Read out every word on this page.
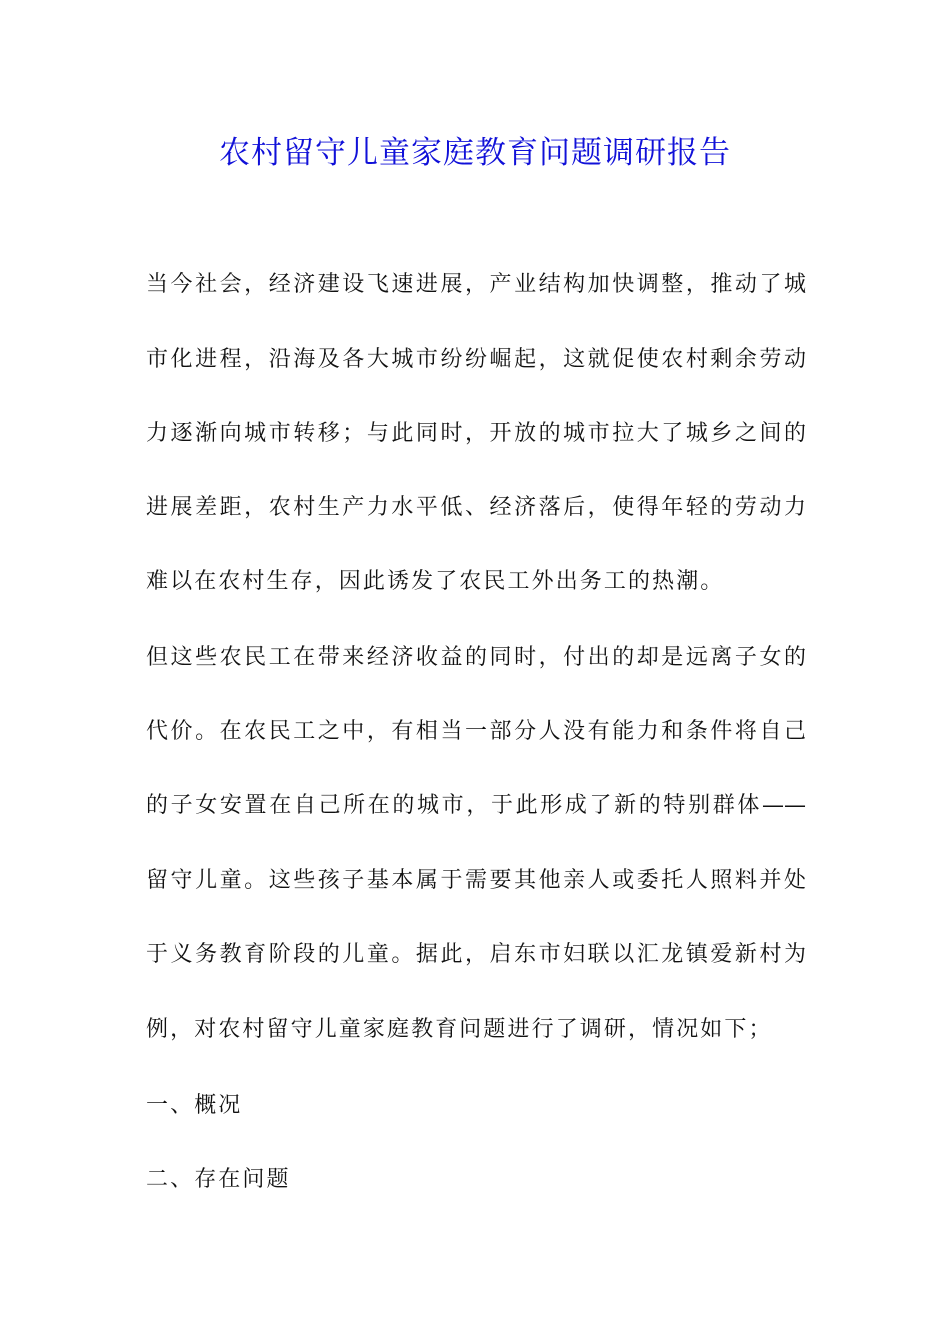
农村留守儿童家庭教育问题调研报告
当今社会，经济建设飞速进展，产业结构加快调整，推动了城
市化进程，沿海及各大城市纷纷崛起，这就促使农村剩余劳动
力逐渐向城市转移；与此同时，开放的城市拉大了城乡之间的
进展差距，农村生产力水平低、经济落后，使得年轻的劳动力
难以在农村生存，因此诱发了农民工外出务工的热潮。
但这些农民工在带来经济收益的同时，付出的却是远离子女的
代价。在农民工之中，有相当一部分人没有能力和条件将自己
的子女安置在自己所在的城市，于此形成了新的特别群体——
留守儿童。这些孩子基本属于需要其他亲人或委托人照料并处
于义务教育阶段的儿童。据此，启东市妇联以汇龙镇爱新村为
例，对农村留守儿童家庭教育问题进行了调研，情况如下；
一、概况
二、存在问题
